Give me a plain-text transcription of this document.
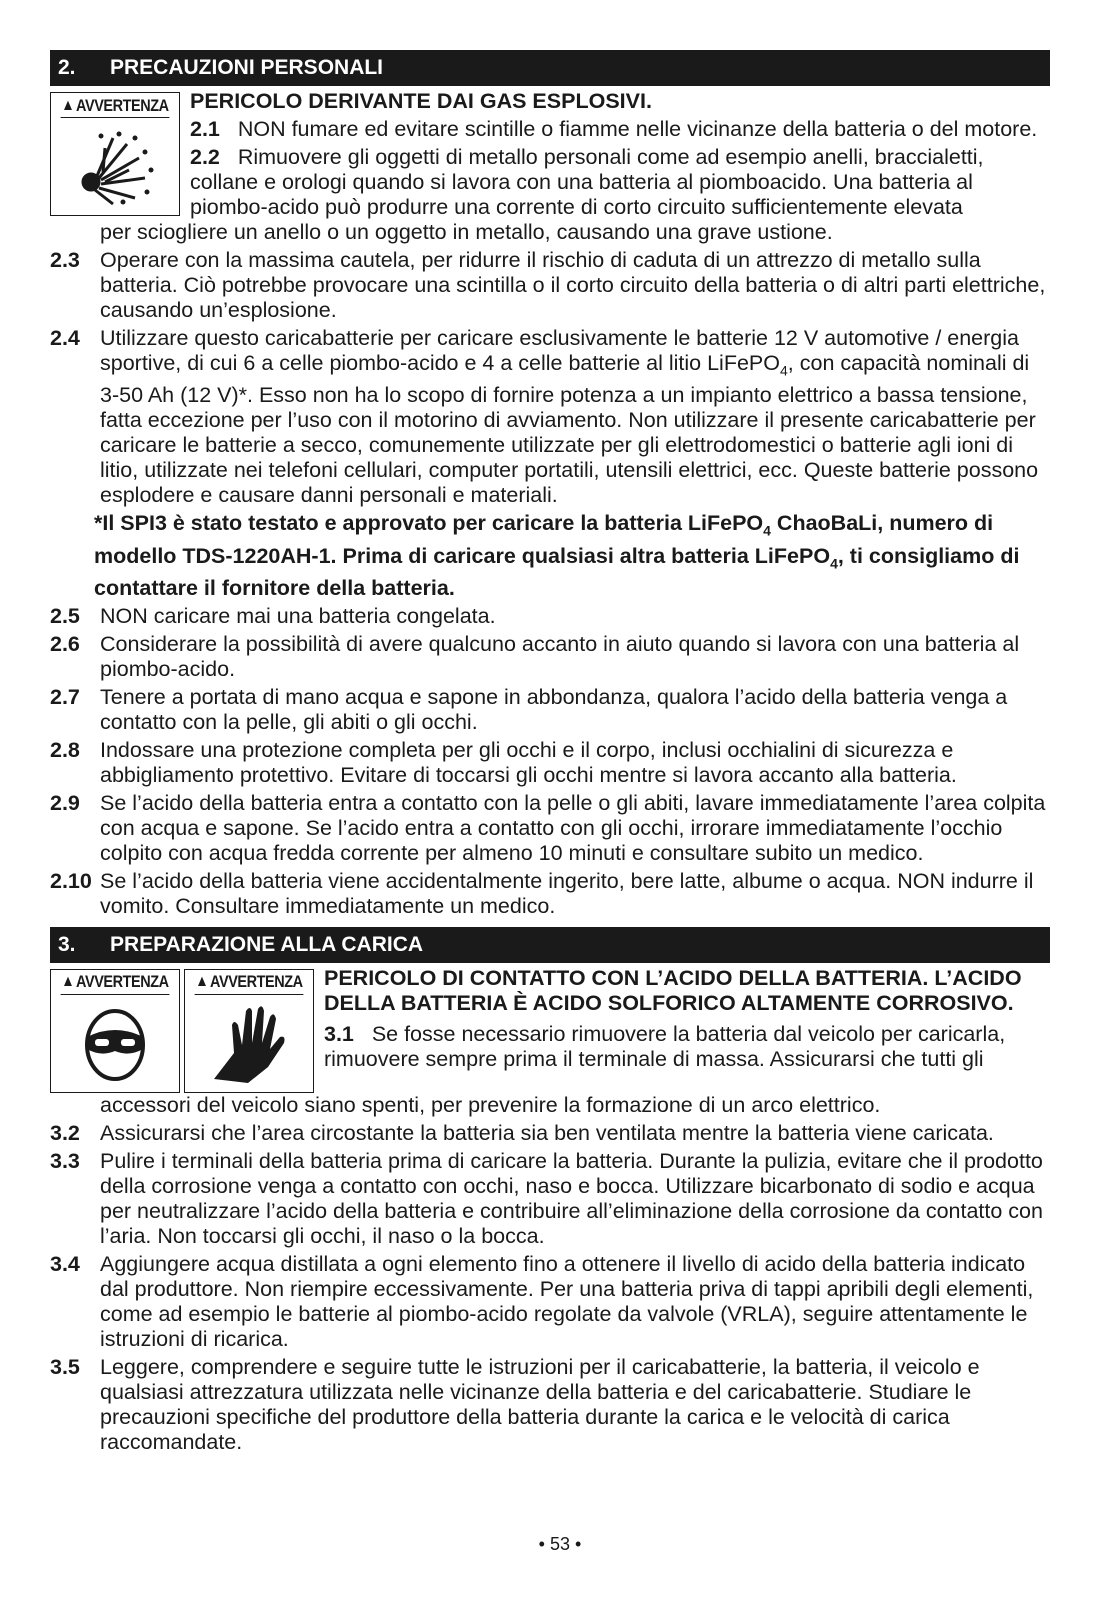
2.	PRECAUZIONI PERSONALI
▲ AVVERTENZA PERICOLO DERIVANTE DAI GAS ESPLOSIVI.
2.1 NON fumare ed evitare scintille o fiamme nelle vicinanze della batteria o del motore.
2.2 Rimuovere gli oggetti di metallo personali come ad esempio anelli, braccialetti, collane e orologi quando si lavora con una batteria al piomboacido. Una batteria al piombo-acido può produrre una corrente di corto circuito sufficientemente elevata
per sciogliere un anello o un oggetto in metallo, causando una grave ustione.
2.3 Operare con la massima cautela, per ridurre il rischio di caduta di un attrezzo di metallo sulla batteria. Ciò potrebbe provocare una scintilla o il corto circuito della batteria o di altri parti elettriche, causando un’esplosione.
2.4 Utilizzare questo caricabatterie per caricare esclusivamente le batterie 12 V automotive / energia sportive, di cui 6 a celle piombo-acido e 4 a celle batterie al litio LiFePO$_4$, con capacità nominali di 3-50 Ah (12 V)*. Esso non ha lo scopo di fornire potenza a un impianto elettrico a bassa tensione, fatta eccezione per l’uso con il motorino di avviamento. Non utilizzare il presente caricabatterie per caricare le batterie a secco, comunemente utilizzate per gli elettrodomestici o batterie agli ioni di litio, utilizzate nei telefoni cellulari, computer portatili, utensili elettrici, ecc. Queste batterie possono esplodere e causare danni personali e materiali.
*Il SPI3 è stato testato e approvato per caricare la batteria LiFePO$_4$ ChaoBaLi, numero di modello TDS-1220AH-1. Prima di caricare qualsiasi altra batteria LiFePO$_4$, ti consigliamo di contattare il fornitore della batteria.
2.5 NON caricare mai una batteria congelata.
2.6 Considerare la possibilità di avere qualcuno accanto in aiuto quando si lavora con una batteria al piombo-acido.
2.7 Tenere a portata di mano acqua e sapone in abbondanza, qualora l’acido della batteria venga a contatto con la pelle, gli abiti o gli occhi.
2.8 Indossare una protezione completa per gli occhi e il corpo, inclusi occhialini di sicurezza e abbigliamento protettivo. Evitare di toccarsi gli occhi mentre si lavora accanto alla batteria.
2.9 Se l’acido della batteria entra a contatto con la pelle o gli abiti, lavare immediatamente l’area colpita con acqua e sapone. Se l’acido entra a contatto con gli occhi, irrorare immediatamente l’occhio colpito con acqua fredda corrente per almeno 10 minuti e consultare subito un medico.
2.10 Se l’acido della batteria viene accidentalmente ingerito, bere latte, albume o acqua. NON indurre il vomito. Consultare immediatamente un medico.
3.	PREPARAZIONE ALLA CARICA
▲ AVVERTENZA ▲ AVVERTENZA PERICOLO DI CONTATTO CON L’ACIDO DELLA BATTERIA. L’ACIDO DELLA BATTERIA È ACIDO SOLFORICO ALTAMENTE CORROSIVO.
3.1 Se fosse necessario rimuovere la batteria dal veicolo per caricarla, rimuovere sempre prima il terminale di massa. Assicurarsi che tutti gli
accessori del veicolo siano spenti, per prevenire la formazione di un arco elettrico.
3.2 Assicurarsi che l’area circostante la batteria sia ben ventilata mentre la batteria viene caricata.
3.3 Pulire i terminali della batteria prima di caricare la batteria. Durante la pulizia, evitare che il prodotto della corrosione venga a contatto con occhi, naso e bocca. Utilizzare bicarbonato di sodio e acqua per neutralizzare l’acido della batteria e contribuire all’eliminazione della corrosione da contatto con l’aria. Non toccarsi gli occhi, il naso o la bocca.
3.4 Aggiungere acqua distillata a ogni elemento fino a ottenere il livello di acido della batteria indicato dal produttore. Non riempire eccessivamente. Per una batteria priva di tappi apribili degli elementi, come ad esempio le batterie al piombo-acido regolate da valvole (VRLA), seguire attentamente le istruzioni di ricarica.
3.5 Leggere, comprendere e seguire tutte le istruzioni per il caricabatterie, la batteria, il veicolo e qualsiasi attrezzatura utilizzata nelle vicinanze della batteria e del caricabatterie. Studiare le precauzioni specifiche del produttore della batteria durante la carica e le velocità di carica raccomandate.
• 53 •
